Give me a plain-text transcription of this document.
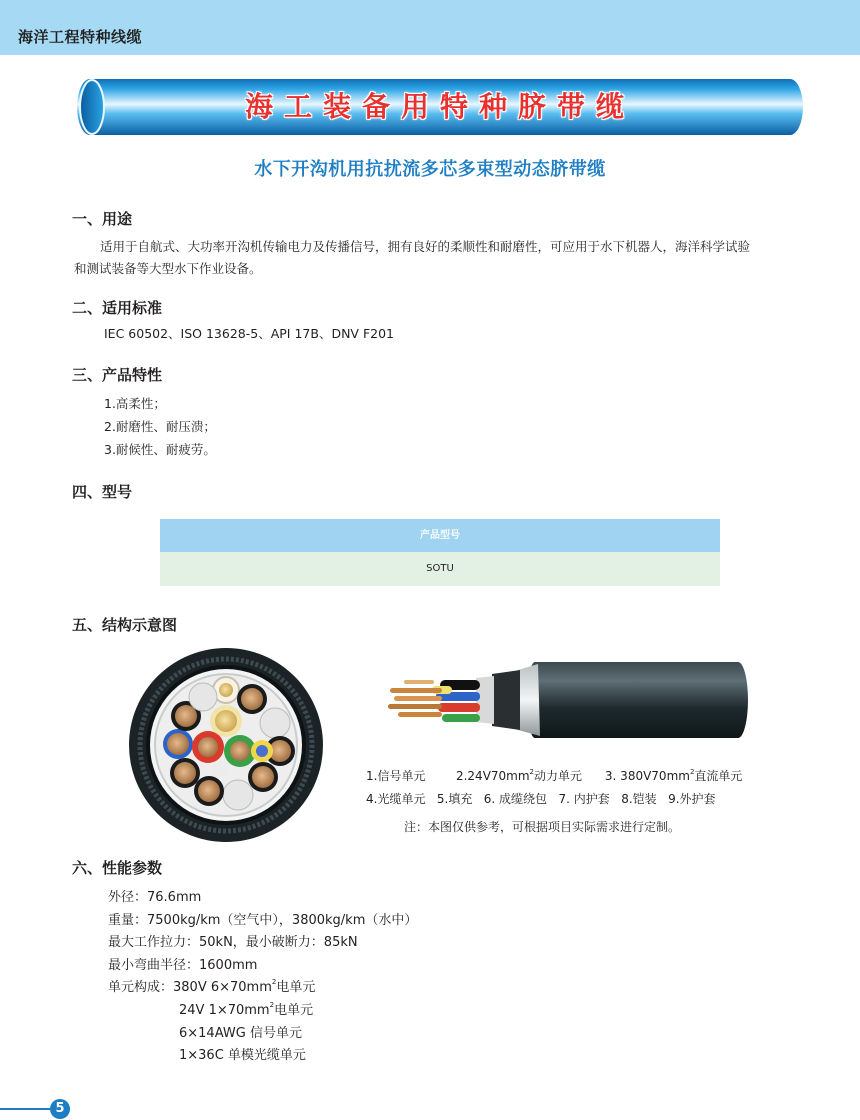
海洋工程特种线缆
海工装备用特种脐带缆
水下开沟机用抗扰流多芯多束型动态脐带缆
一、用途
适用于自航式、大功率开沟机传输电力及传播信号，拥有良好的柔顺性和耐磨性，可应用于水下机器人，海洋科学试验
和测试装备等大型水下作业设备。
二、适用标准
IEC 60502、ISO 13628-5、API 17B、DNV F201
三、产品特性
1.高柔性；
2.耐磨性、耐压溃；
3.耐候性、耐疲劳。
四、型号
产品型号
SOTU
五、结构示意图
1.信号单元	$2.24V70mm^2$动力单元 3. $380V70mm^2$直流单元
4.光缆单元   5.填充   6. 成缆绕包   7. 内护套   8.铠装   9.外护套
注：本图仅供参考，可根据项目实际需求进行定制。
六、性能参数
外径：76.6mm
重量：7500kg/km（空气中），3800kg/km（水中）
最大工作拉力：50kN，最小破断力：85kN
最小弯曲半径：1600mm
单元构成：380V $6\times 70mm^2$电单元
24V $1\times 70mm^2$电单元
6×14AWG 信号单元
1×36C 单模光缆单元
5
